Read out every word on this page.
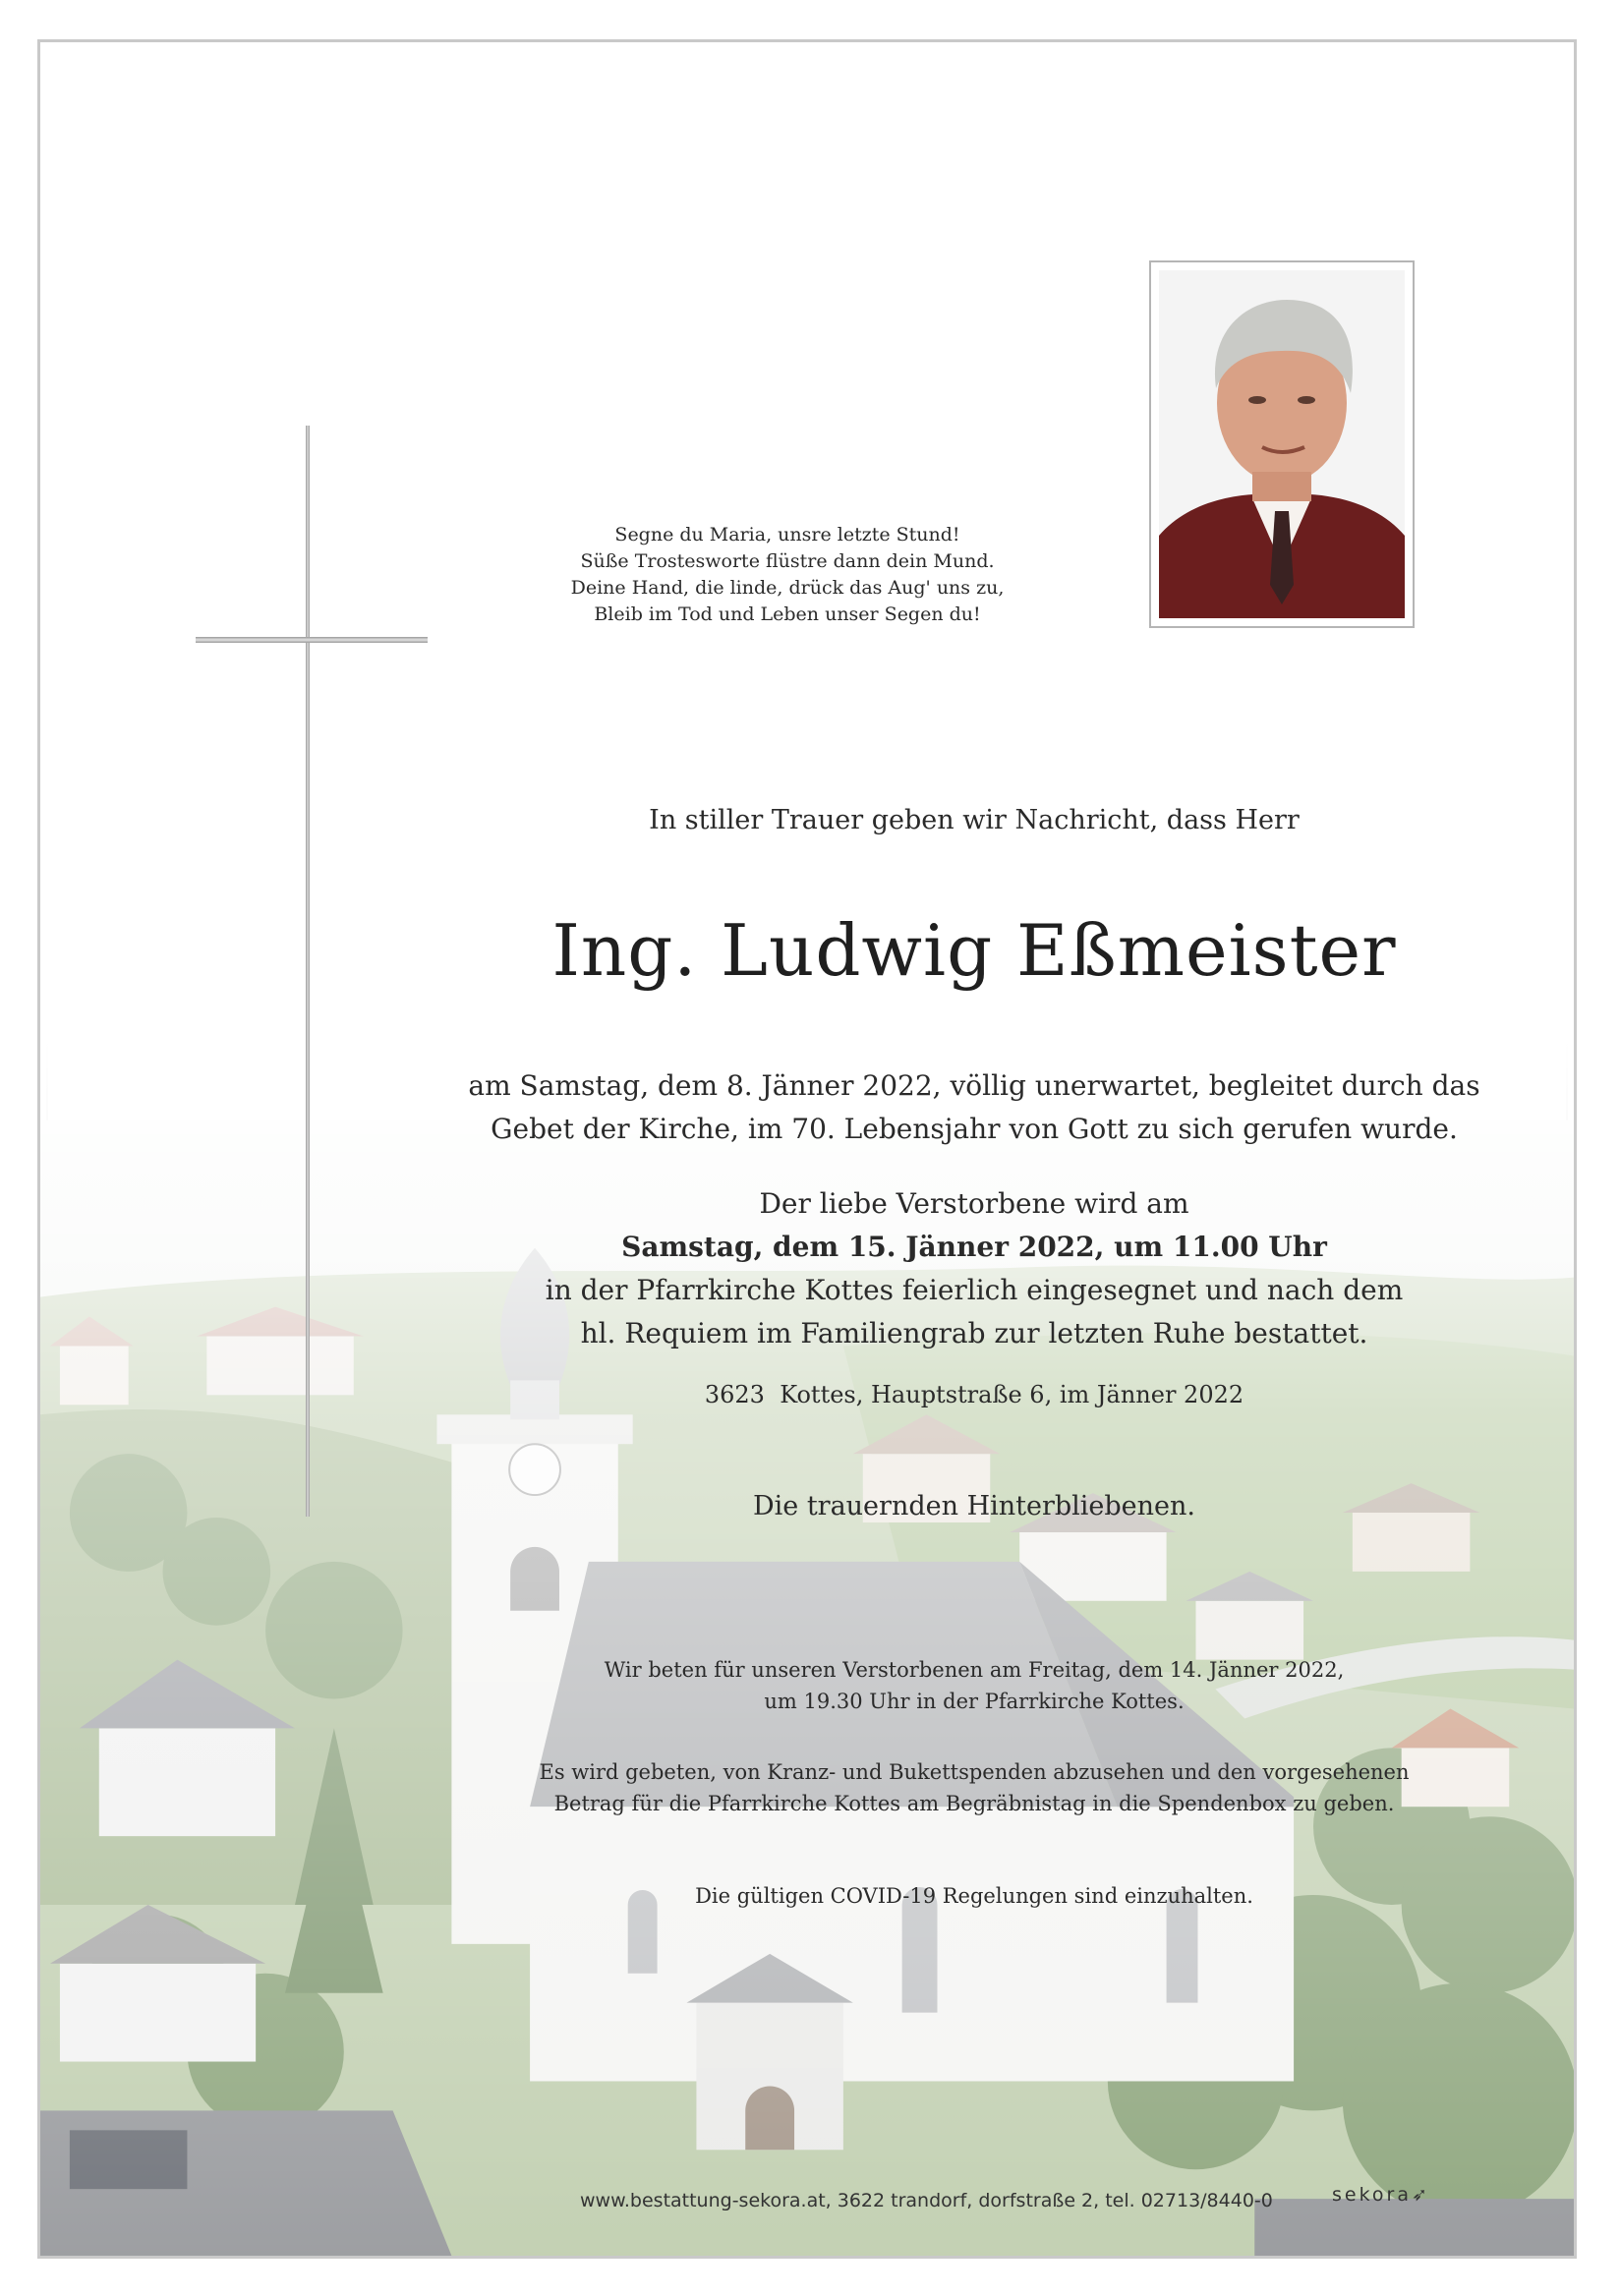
Segne du Maria, unsre letzte Stund!
Süße Trostesworte flüstre dann dein Mund.
Deine Hand, die linde, drück das Aug' uns zu,
Bleib im Tod und Leben unser Segen du!
In stiller Trauer geben wir Nachricht, dass Herr
Ing. Ludwig Eßmeister
am Samstag, dem 8. Jänner 2022, völlig unerwartet, begleitet durch das
Gebet der Kirche, im 70. Lebensjahr von Gott zu sich gerufen wurde.
Der liebe Verstorbene wird am
Samstag, dem 15. Jänner 2022, um 11.00 Uhr
in der Pfarrkirche Kottes feierlich eingesegnet und nach dem
hl. Requiem im Familiengrab zur letzten Ruhe bestattet.
3623  Kottes, Hauptstraße 6, im Jänner 2022
Die trauernden Hinterbliebenen.
Wir beten für unseren Verstorbenen am Freitag, dem 14. Jänner 2022,
um 19.30 Uhr in der Pfarrkirche Kottes.
Es wird gebeten, von Kranz- und Bukettspenden abzusehen und den vorgesehenen
Betrag für die Pfarrkirche Kottes am Begräbnistag in die Spendenbox zu geben.
Die gültigen COVID-19 Regelungen sind einzuhalten.
www.bestattung-sekora.at, 3622 trandorf, dorfstraße 2, tel. 02713/8440-0	sekora➶
